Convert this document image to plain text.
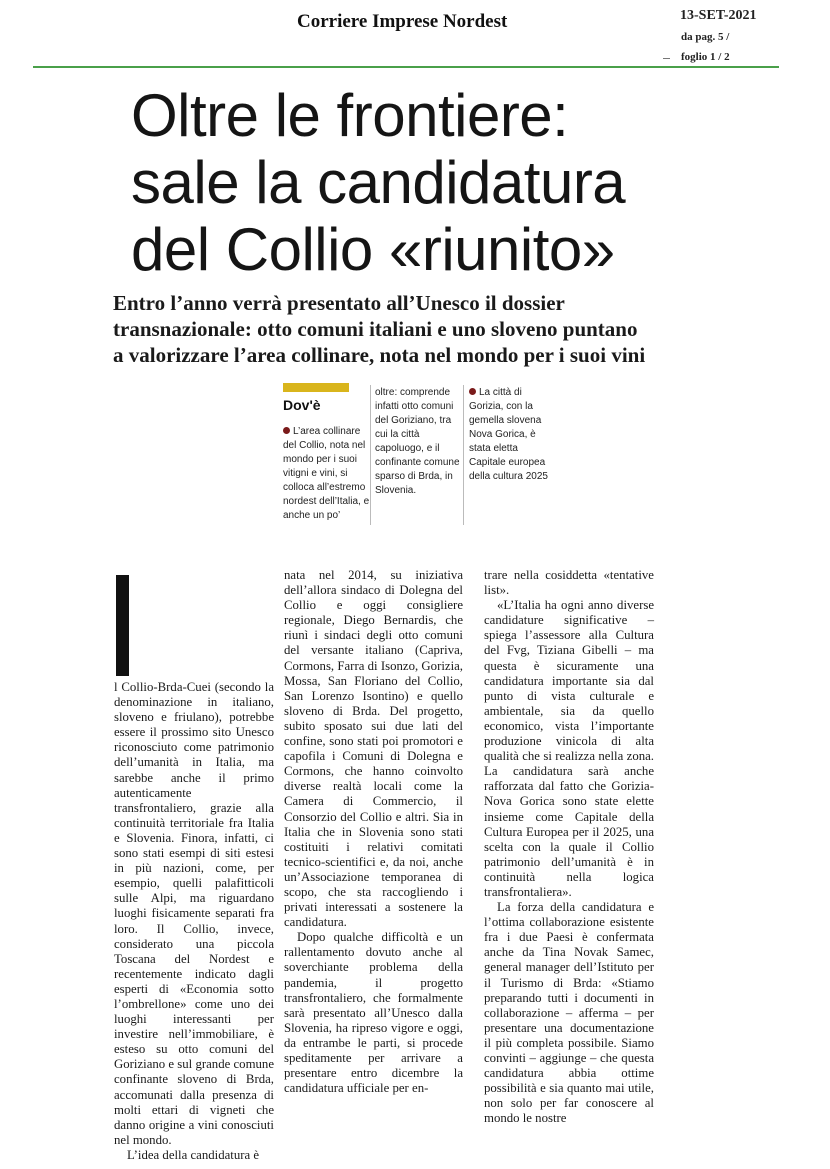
Corriere Imprese Nordest	13-SET-2021
da pag. 5 /
foglio 1 / 2
Oltre le frontiere:
sale la candidatura
del Collio «riunito»
Entro l’anno verrà presentato all’Unesco il dossier
transnazionale: otto comuni italiani e uno sloveno puntano
a valorizzare l’area collinare, nota nel mondo per i suoi vini
Dov'è

L’area collinare del Collio, nota nel mondo per i suoi vitigni e vini, si colloca all’estremo nordest dell’Italia, e anche un po’

oltre: comprende infatti otto comuni del Goriziano, tra cui la città capoluogo, e il confinante comune sparso di Brda, in Slovenia.

La città di Gorizia, con la gemella slovena Nova Gorica, è stata eletta Capitale europea della cultura 2025

l Collio-Brda-Cuei (secondo la denominazione in italiano, sloveno e friulano), potrebbe essere il prossimo sito Unesco riconosciuto come patrimonio dell’umanità in Italia, ma sarebbe anche il primo autenticamente transfrontaliero, grazie alla continuità territoriale fra Italia e Slovenia. Finora, infatti, ci sono stati esempi di siti estesi in più nazioni, come, per esempio, quelli palafitticoli sulle Alpi, ma riguardano luoghi fisicamente separati fra loro. Il Collio, invece, considerato una piccola Toscana del Nordest e recentemente indicato dagli esperti di «Economia sotto l’ombrellone» come uno dei luoghi interessanti per investire nell’immobiliare, è esteso su otto comuni del Goriziano e sul grande comune confinante sloveno di Brda, accomunati dalla presenza di molti ettari di vigneti che danno origine a vini conosciuti nel mondo.

L’idea della candidatura è

nata nel 2014, su iniziativa dell’allora sindaco di Dolegna del Collio e oggi consigliere regionale, Diego Bernardis, che riunì i sindaci degli otto comuni del versante italiano (Capriva, Cormons, Farra di Isonzo, Gorizia, Mossa, San Floriano del Collio, San Lorenzo Isontino) e quello sloveno di Brda. Del progetto, subito sposato sui due lati del confine, sono stati poi promotori e capofila i Comuni di Dolegna e Cormons, che hanno coinvolto diverse realtà locali come la Camera di Commercio, il Consorzio del Collio e altri. Sia in Italia che in Slovenia sono stati costituiti i relativi comitati tecnico-scientifici e, da noi, anche un’Associazione temporanea di scopo, che sta raccogliendo i privati interessati a sostenere la candidatura.

Dopo qualche difficoltà e un rallentamento dovuto anche al soverchiante problema della pandemia, il progetto transfrontaliero, che formalmente sarà presentato all’Unesco dalla Slovenia, ha ripreso vigore e oggi, da entrambe le parti, si procede speditamente per arrivare a presentare entro dicembre la candidatura ufficiale per en-

trare nella cosiddetta «tentative list».

«L’Italia ha ogni anno diverse candidature significative – spiega l’assessore alla Cultura del Fvg, Tiziana Gibelli – ma questa è sicuramente una candidatura importante sia dal punto di vista culturale e ambientale, sia da quello economico, vista l’importante produzione vinicola di alta qualità che si realizza nella zona. La candidatura sarà anche rafforzata dal fatto che Gorizia-Nova Gorica sono state elette insieme come Capitale della Cultura Europea per il 2025, una scelta con la quale il Collio patrimonio dell’umanità è in continuità nella logica transfrontaliera».

La forza della candidatura e l’ottima collaborazione esistente fra i due Paesi è confermata anche da Tina Novak Samec, general manager dell’Istituto per il Turismo di Brda: «Stiamo preparando tutti i documenti in collaborazione – afferma – per presentare una documentazione il più completa possibile. Siamo convinti – aggiunge – che questa candidatura abbia ottime possibilità e sia quanto mai utile, non solo per far conoscere al mondo le nostre
